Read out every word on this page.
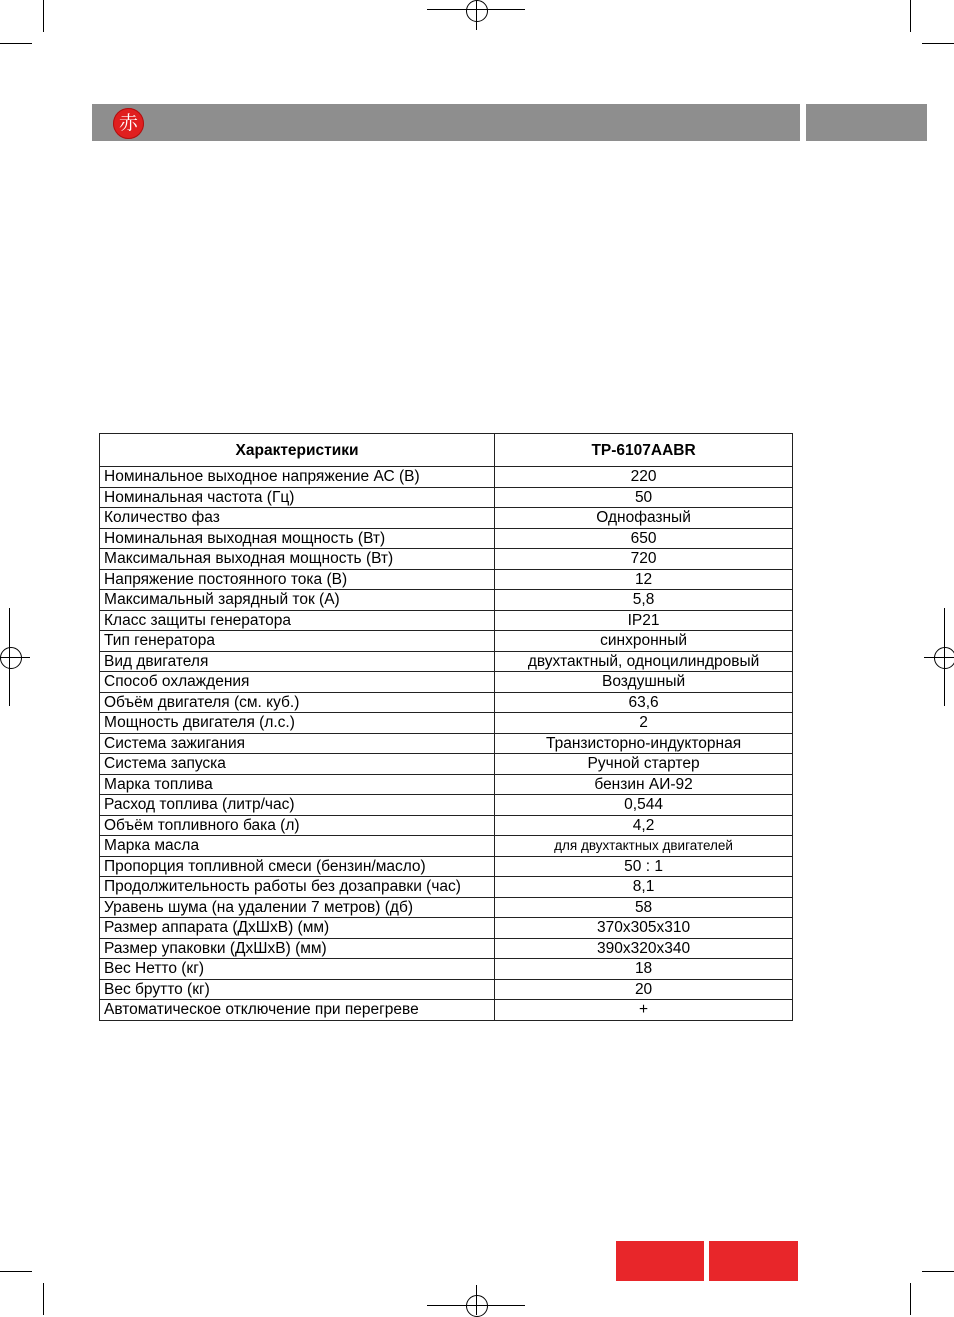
赤
Характеристики	TP-6107AABR
Номинальное выходное напряжение АС (В)	220
Номинальная частота (Гц)	50
Количество фаз	Однофазный
Номинальная выходная мощность (Вт)	650
Максимальная выходная мощность (Вт)	720
Напряжение постоянного тока (В)	12
Максимальный зарядный ток (А)	5,8
Класс защиты генератора	IP21
Тип генератора	синхронный
Вид двигателя	двухтактный, одноцилиндровый
Способ охлаждения	Воздушный
Объём двигателя (см. куб.)	63,6
Мощность двигателя (л.с.)	2
Система зажигания	Транзисторно-индукторная
Система запуска	Ручной стартер
Марка топлива	бензин АИ-92
Расход топлива (литр/час)	0,544
Объём топливного бака (л)	4,2
Марка масла	для двухтактных двигателей
Пропорция топливной смеси (бензин/масло)	50 : 1
Продолжительность работы без дозаправки (час)	8,1
Уравень шума (на удалении 7 метров) (дб)	58
Размер аппарата (ДхШхВ) (мм)	370х305х310
Размер упаковки (ДхШхВ) (мм)	390х320х340
Вес Нетто (кг)	18
Вес брутто (кг)	20
Автоматическое отключение при перегреве	+
